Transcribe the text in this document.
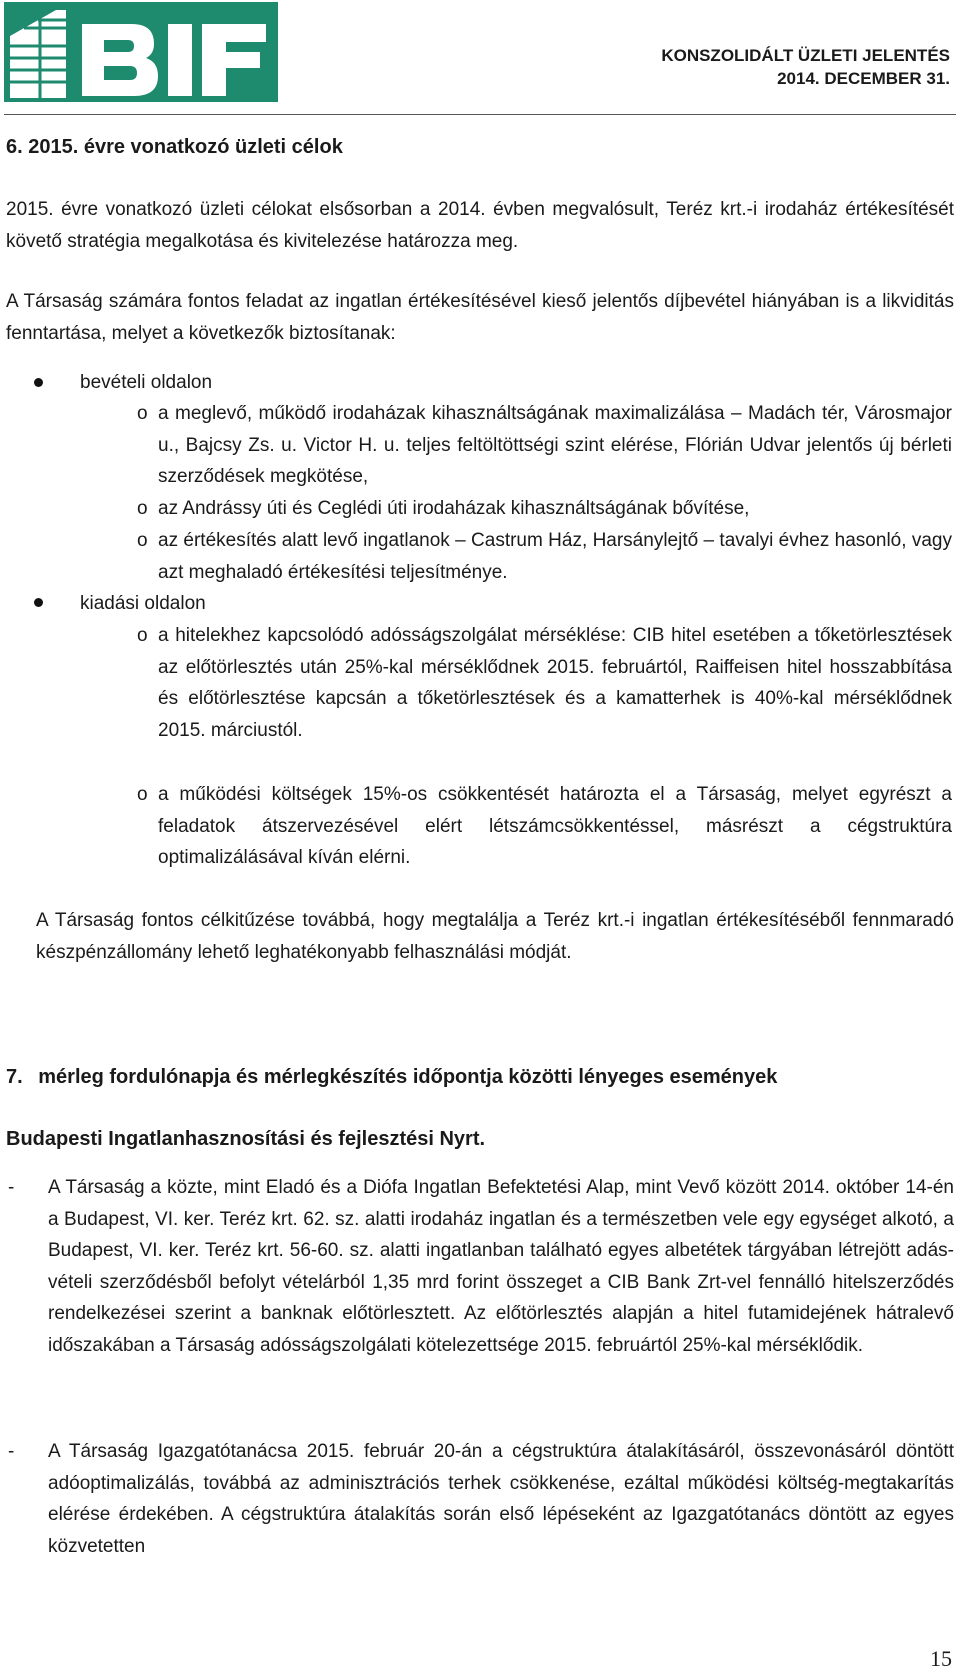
KONSZOLIDÁLT ÜZLETI JELENTÉS
2014. DECEMBER 31.
6. 2015. évre vonatkozó üzleti célok
2015. évre vonatkozó üzleti célokat elsősorban a 2014. évben megvalósult, Teréz krt.-i irodaház értékesítését követő stratégia megalkotása és kivitelezése határozza meg.
A Társaság számára fontos feladat az ingatlan értékesítésével kieső jelentős díjbevétel hiányában is a likviditás fenntartása, melyet a következők biztosítanak:
bevételi oldalon
o a meglevő, működő irodaházak kihasználtságának maximalizálása – Madách tér, Városmajor u., Bajcsy Zs. u. Victor H. u. teljes feltöltöttségi szint elérése, Flórián Udvar jelentős új bérleti szerződések megkötése,
o az Andrássy úti és Ceglédi úti irodaházak kihasználtságának bővítése,
o az értékesítés alatt levő ingatlanok – Castrum Ház, Harsánylejtő – tavalyi évhez hasonló, vagy azt meghaladó értékesítési teljesítménye.
kiadási oldalon
o a hitelekhez kapcsolódó adósságszolgálat mérséklése: CIB hitel esetében a tőketörlesztések az előtörlesztés után 25%-kal mérséklődnek 2015. februártól, Raiffeisen hitel hosszabbítása és előtörlesztése kapcsán a tőketörlesztések és a kamatterhek is 40%-kal mérséklődnek 2015. márciustól.
o a működési költségek 15%-os csökkentését határozta el a Társaság, melyet egyrészt a feladatok átszervezésével elért létszámcsökkentéssel, másrészt a cégstruktúra optimalizálásával kíván elérni.
A Társaság fontos célkitűzése továbbá, hogy megtalálja a Teréz krt.-i ingatlan értékesítéséből fennmaradó készpénzállomány lehető leghatékonyabb felhasználási módját.
7. mérleg fordulónapja és mérlegkészítés időpontja közötti lényeges események
Budapesti Ingatlanhasznosítási és fejlesztési Nyrt.
- A Társaság a közte, mint Eladó és a Diófa Ingatlan Befektetési Alap, mint Vevő között 2014. október 14-én a Budapest, VI. ker. Teréz krt. 62. sz. alatti irodaház ingatlan és a természetben vele egy egységet alkotó, a Budapest, VI. ker. Teréz krt. 56-60. sz. alatti ingatlanban található egyes albetétek tárgyában létrejött adás-vételi szerződésből befolyt vételárból 1,35 mrd forint összeget a CIB Bank Zrt-vel fennálló hitelszerződés rendelkezései szerint a banknak előtörlesztett. Az előtörlesztés alapján a hitel futamidejének hátralevő időszakában a Társaság adósságszolgálati kötelezettsége 2015. februártól 25%-kal mérséklődik.
- A Társaság Igazgatótanácsa 2015. február 20-án a cégstruktúra átalakításáról, összevonásáról döntött adóoptimalizálás, továbbá az adminisztrációs terhek csökkenése, ezáltal működési költség-megtakarítás elérése érdekében. A cégstruktúra átalakítás során első lépéseként az Igazgatótanács döntött az egyes közvetetten
15
